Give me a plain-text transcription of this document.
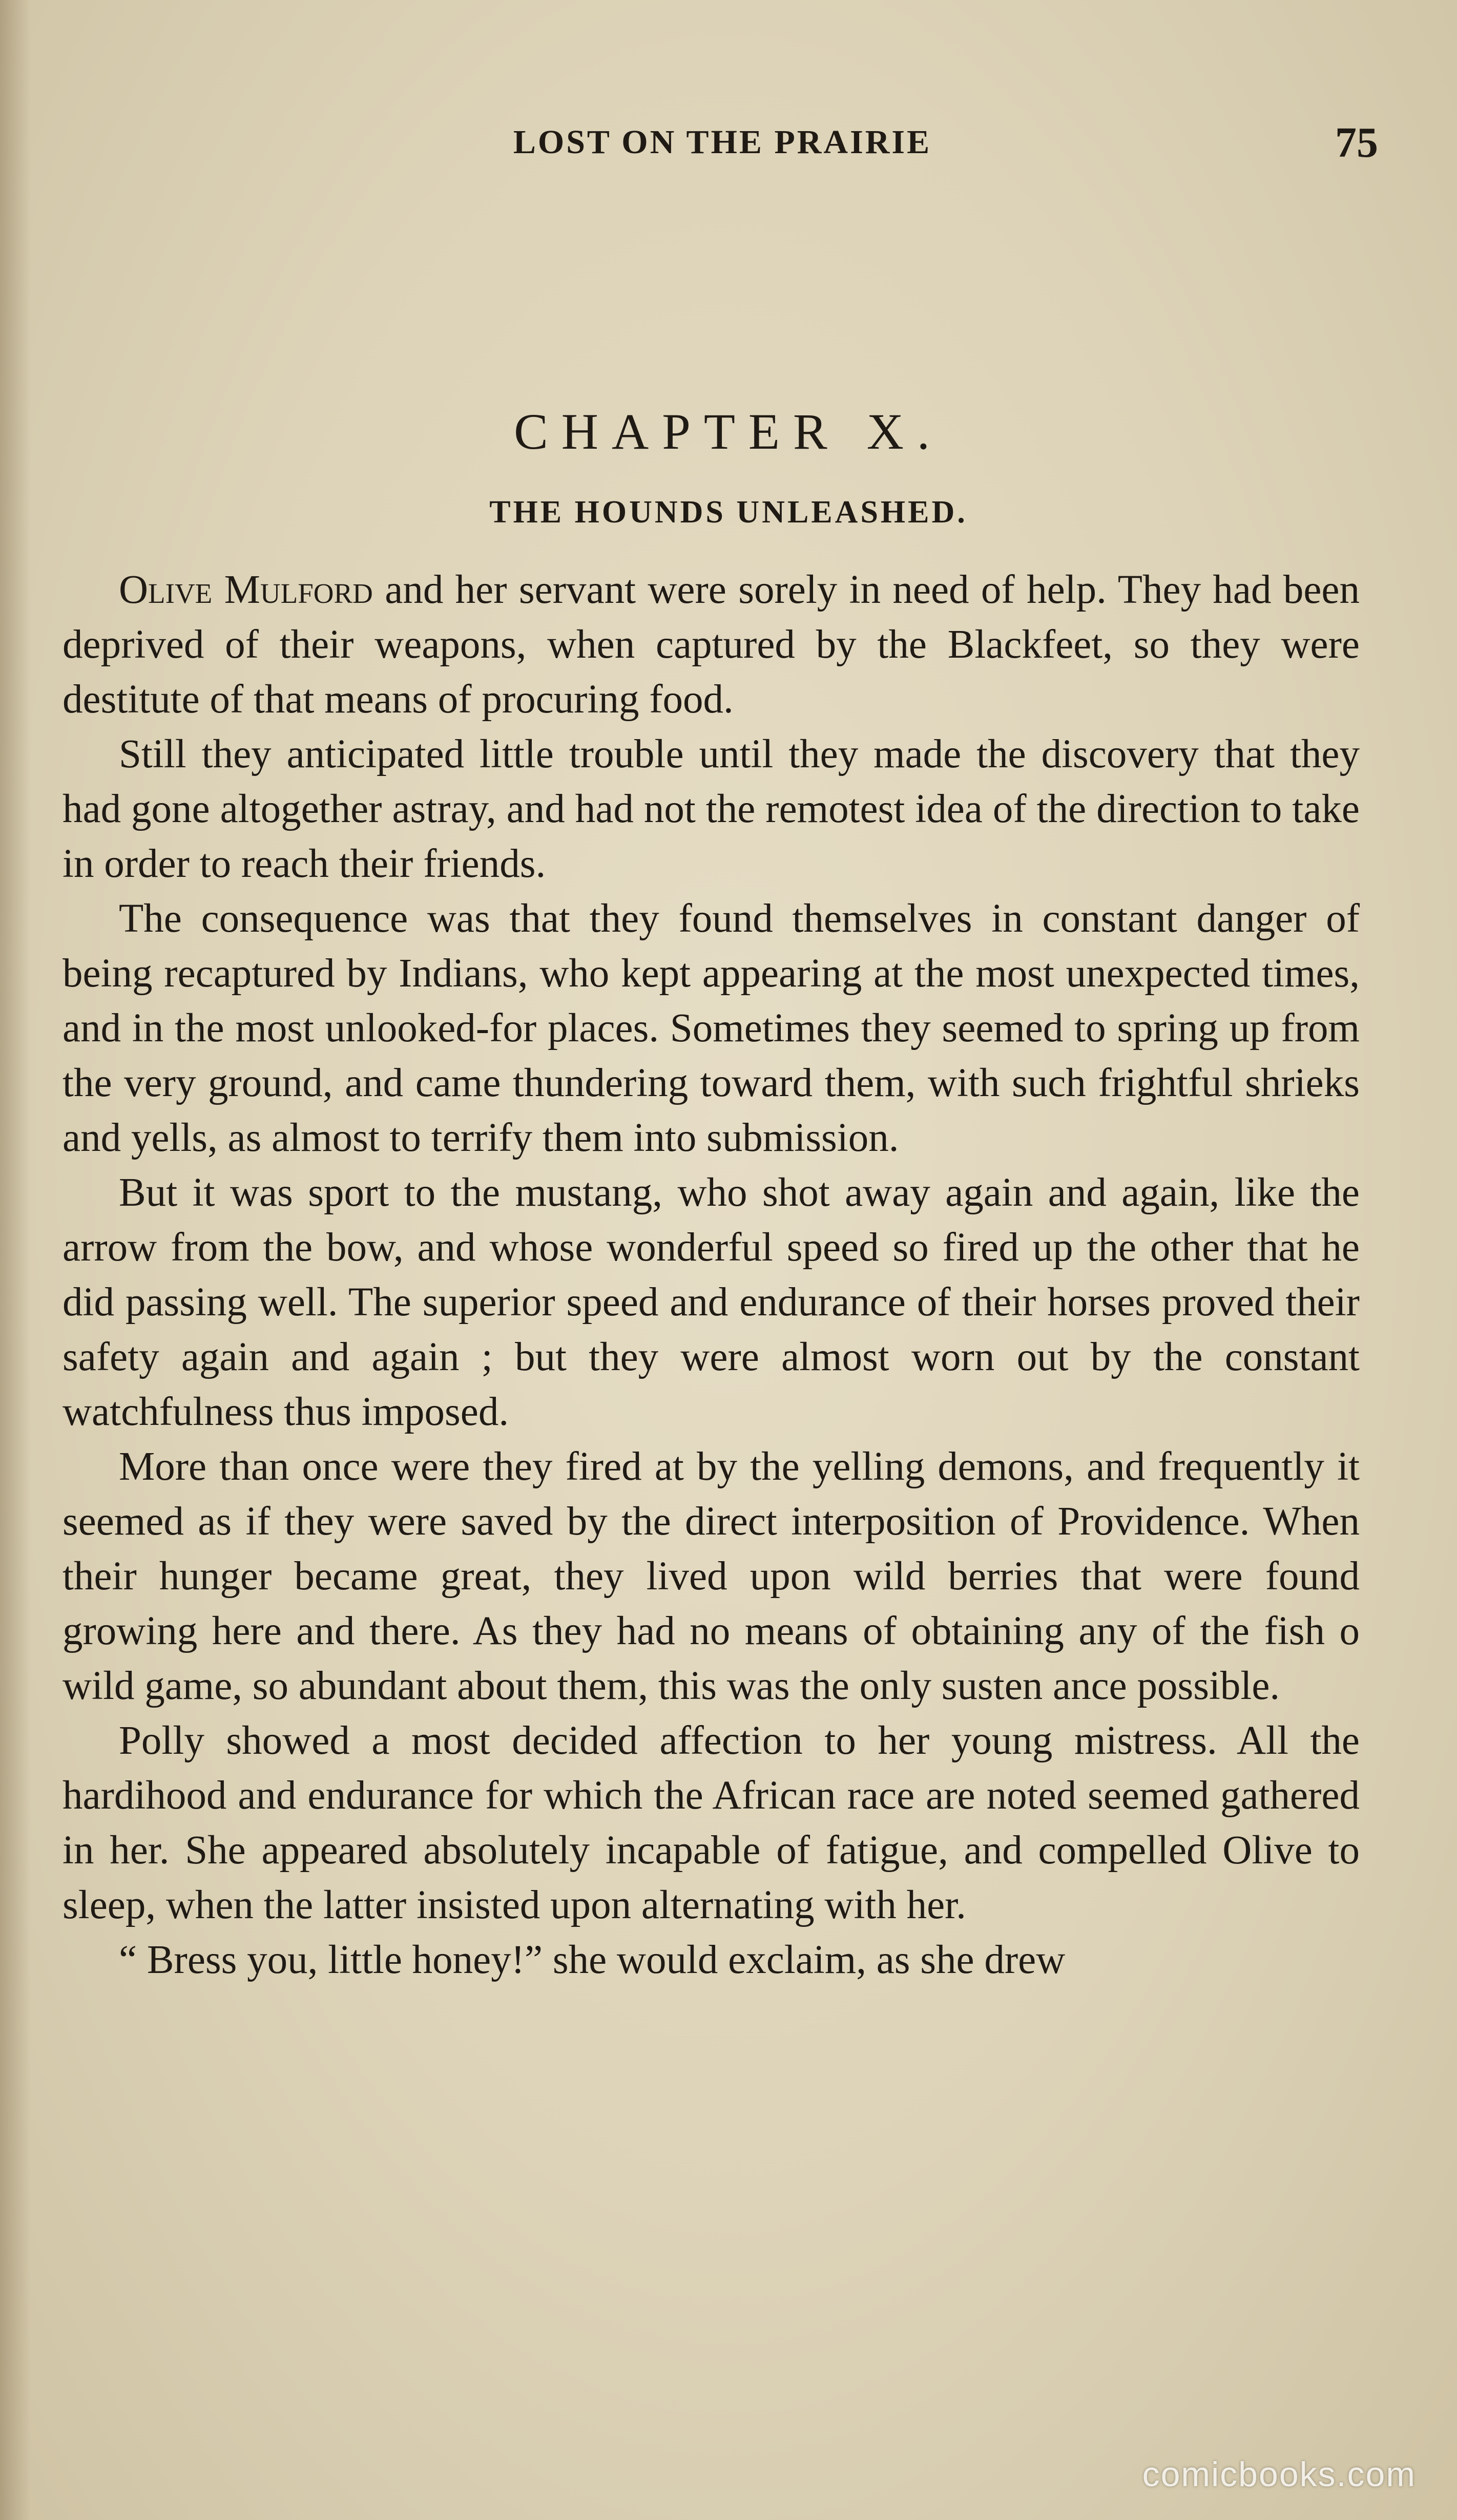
LOST ON THE PRAIRIE	75
CHAPTER X.
THE HOUNDS UNLEASHED.

Olive Mulford and her servant were sorely in need of help. They had been deprived of their weapons, when captured by the Blackfeet, so they were destitute of that means of procuring food.

Still they anticipated little trouble until they made the discovery that they had gone altogether astray, and had not the remotest idea of the direction to take in order to reach their friends.

The consequence was that they found themselves in constant danger of being recaptured by Indians, who kept appearing at the most unexpected times, and in the most unlooked-for places. Sometimes they seemed to spring up from the very ground, and came thundering toward them, with such frightful shrieks and yells, as almost to terrify them into submission.

But it was sport to the mustang, who shot away again and again, like the arrow from the bow, and whose wonderful speed so fired up the other that he did passing well. The superior speed and endurance of their horses proved their safety again and again ; but they were almost worn out by the constant watchfulness thus imposed.

More than once were they fired at by the yelling demons, and frequently it seemed as if they were saved by the direct interposition of Providence. When their hunger became great, they lived upon wild berries that were found growing here and there. As they had no means of obtaining any of the fish o wild game, so abundant about them, this was the only susten ance possible.

Polly showed a most decided affection to her young mistress. All the hardihood and endurance for which the African race are noted seemed gathered in her. She appeared absolutely incapable of fatigue, and compelled Olive to sleep, when the latter insisted upon alternating with her.

“ Bress you, little honey!” she would exclaim, as she drew

comicbooks.com
